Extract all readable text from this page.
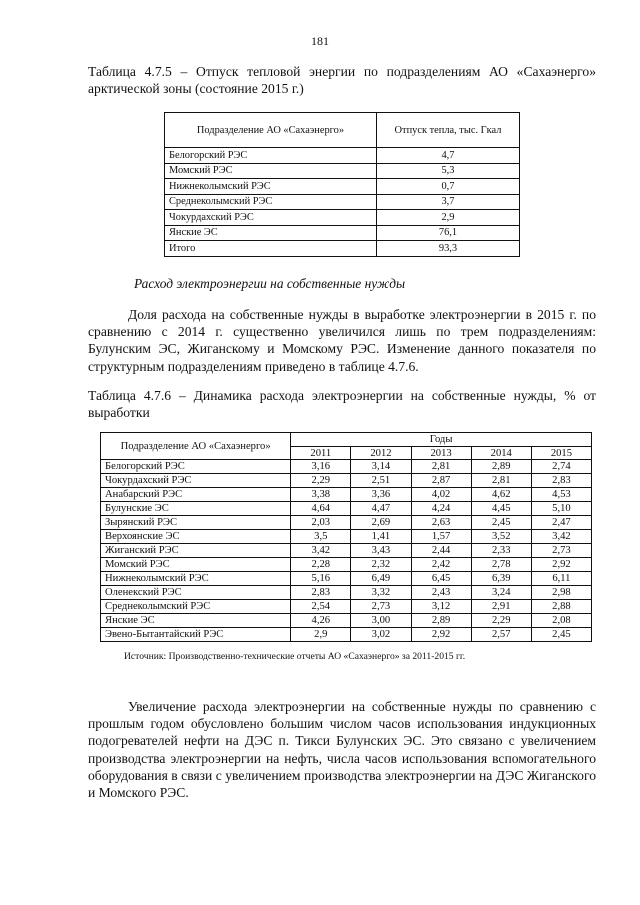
181
Таблица 4.7.5 – Отпуск тепловой энергии по подразделениям АО «Сахаэнерго» арктической зоны (состояние 2015 г.)
Подразделение АО «Сахаэнерго»	Отпуск тепла, тыс. Гкал
Белогорский РЭС	4,7
Момский РЭС	5,3
Нижнеколымский РЭС	0,7
Среднеколымский РЭС	3,7
Чокурдахский РЭС	2,9
Янские ЭС	76,1
Итого	93,3
Расход электроэнергии на собственные нужды
Доля расхода на собственные нужды в выработке электроэнергии в 2015 г. по сравнению с 2014 г. существенно увеличился лишь по трем подразделениям: Булунским ЭС, Жиганскому и Момскому РЭС. Изменение данного показателя по структурным подразделениям приведено в таблице 4.7.6.
Таблица 4.7.6 – Динамика расхода электроэнергии на собственные нужды, % от выработки
Подразделение АО «Сахаэнерго»	Годы				
	2011	2012	2013	2014	2015
Белогорский РЭС	3,16	3,14	2,81	2,89	2,74
Чокурдахский РЭС	2,29	2,51	2,87	2,81	2,83
Анабарский РЭС	3,38	3,36	4,02	4,62	4,53
Булунские ЭС	4,64	4,47	4,24	4,45	5,10
Зырянский РЭС	2,03	2,69	2,63	2,45	2,47
Верхоянские ЭС	3,5	1,41	1,57	3,52	3,42
Жиганский РЭС	3,42	3,43	2,44	2,33	2,73
Момский РЭС	2,28	2,32	2,42	2,78	2,92
Нижнеколымский РЭС	5,16	6,49	6,45	6,39	6,11
Оленекский РЭС	2,83	3,32	2,43	3,24	2,98
Среднеколымский РЭС	2,54	2,73	3,12	2,91	2,88
Янские ЭС	4,26	3,00	2,89	2,29	2,08
Эвено-Бытантайский РЭС	2,9	3,02	2,92	2,57	2,45
Источник: Производственно-технические отчеты АО «Сахаэнерго» за 2011-2015 гг.
Увеличение расхода электроэнергии на собственные нужды по сравнению с прошлым годом обусловлено большим числом часов использования индукционных подогревателей нефти на ДЭС п. Тикси Булунских ЭС. Это связано с увеличением производства электроэнергии на нефть, числа часов использования вспомогательного оборудования в связи с увеличением производства электроэнергии на ДЭС Жиганского и Момского РЭС.
